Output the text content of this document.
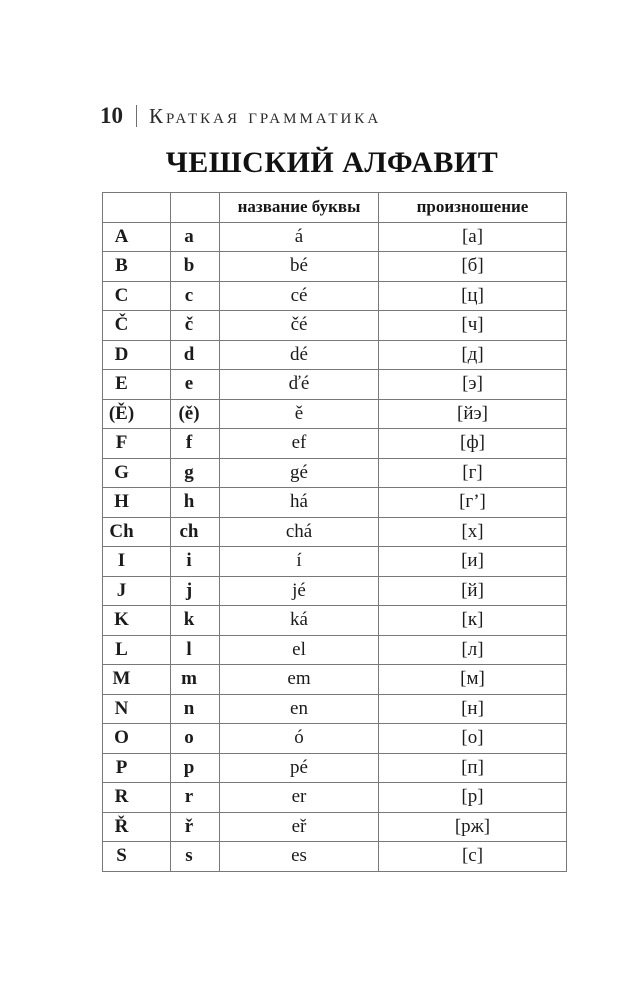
10 Краткая грамматика
ЧЕШСКИЙ АЛФАВИТ
		название буквы	произношение
A	a	á	[а]
B	b	bé	[б]
C	c	cé	[ц]
Č	č	čé	[ч]
D	d	dé	[д]
E	e	ďé	[э]
(Ě)	(ě)	ě	[йэ]
F	f	ef	[ф]
G	g	gé	[г]
H	h	há	[г’]
Ch	ch	chá	[х]
I	i	í	[и]
J	j	jé	[й]
K	k	ká	[к]
L	l	el	[л]
M	m	em	[м]
N	n	en	[н]
O	o	ó	[о]
P	p	pé	[п]
R	r	er	[р]
Ř	ř	eř	[рж]
S	s	es	[с]
